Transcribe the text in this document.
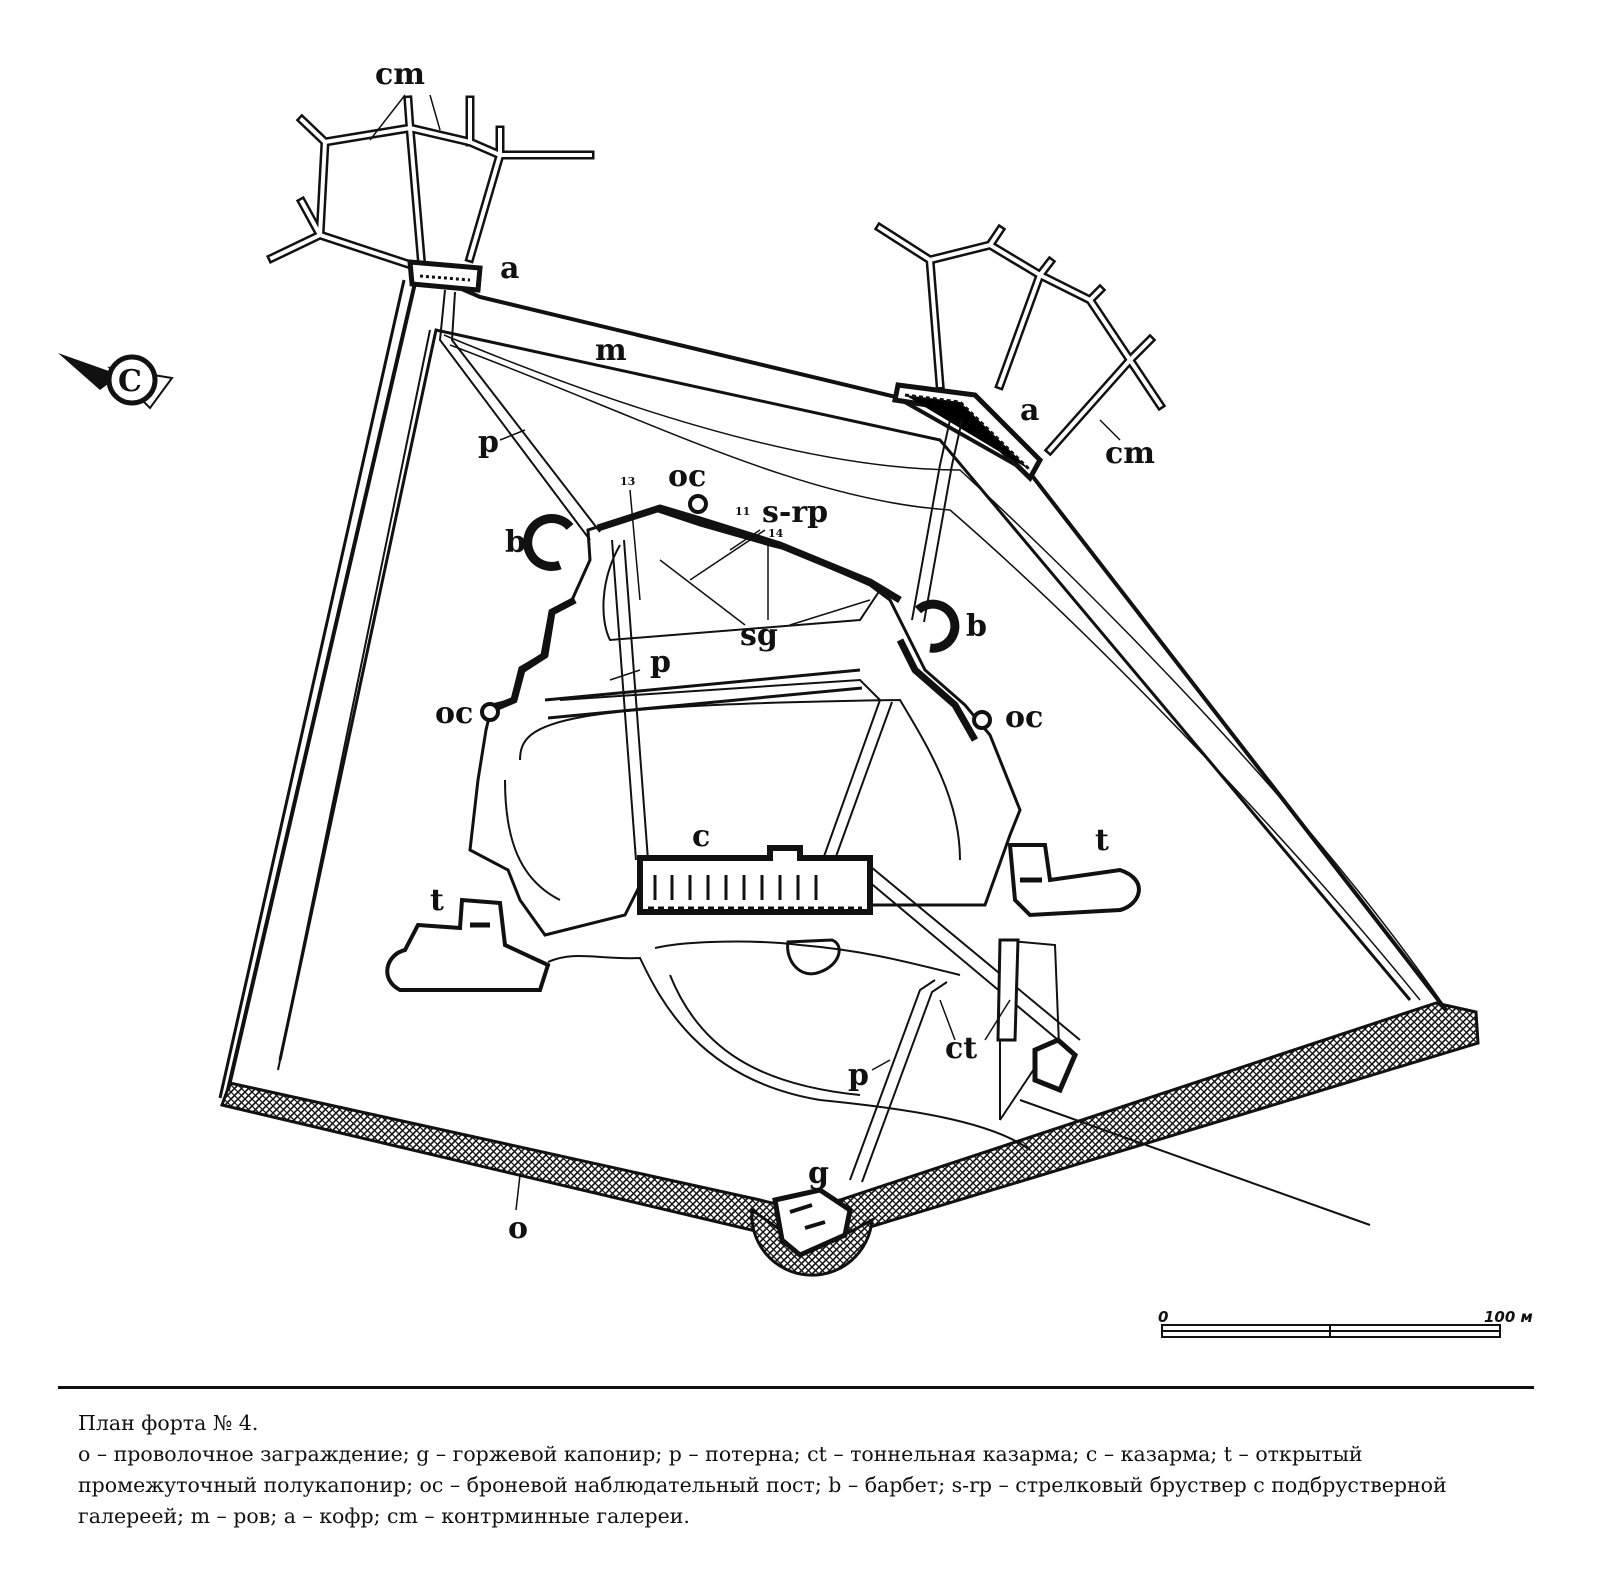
cm
a
m
C
p
oc
s-rp
b
b
a
cm
sg
p
oc	oc
c	t
t
ct
p
g
o
13
11
14
0	100 м
План форта № 4.
o – проволочное заграждение; g – горжевой капонир; p – потерна; ct – тоннельная казарма; c – казарма; t – открытый промежуточный полукапонир; oc – броневой наблюдательный пост; b – барбет; s-rp – стрелковый бруствер с подбрустверной галереей; m – ров; a – кофр; cm – контрминные галереи.
